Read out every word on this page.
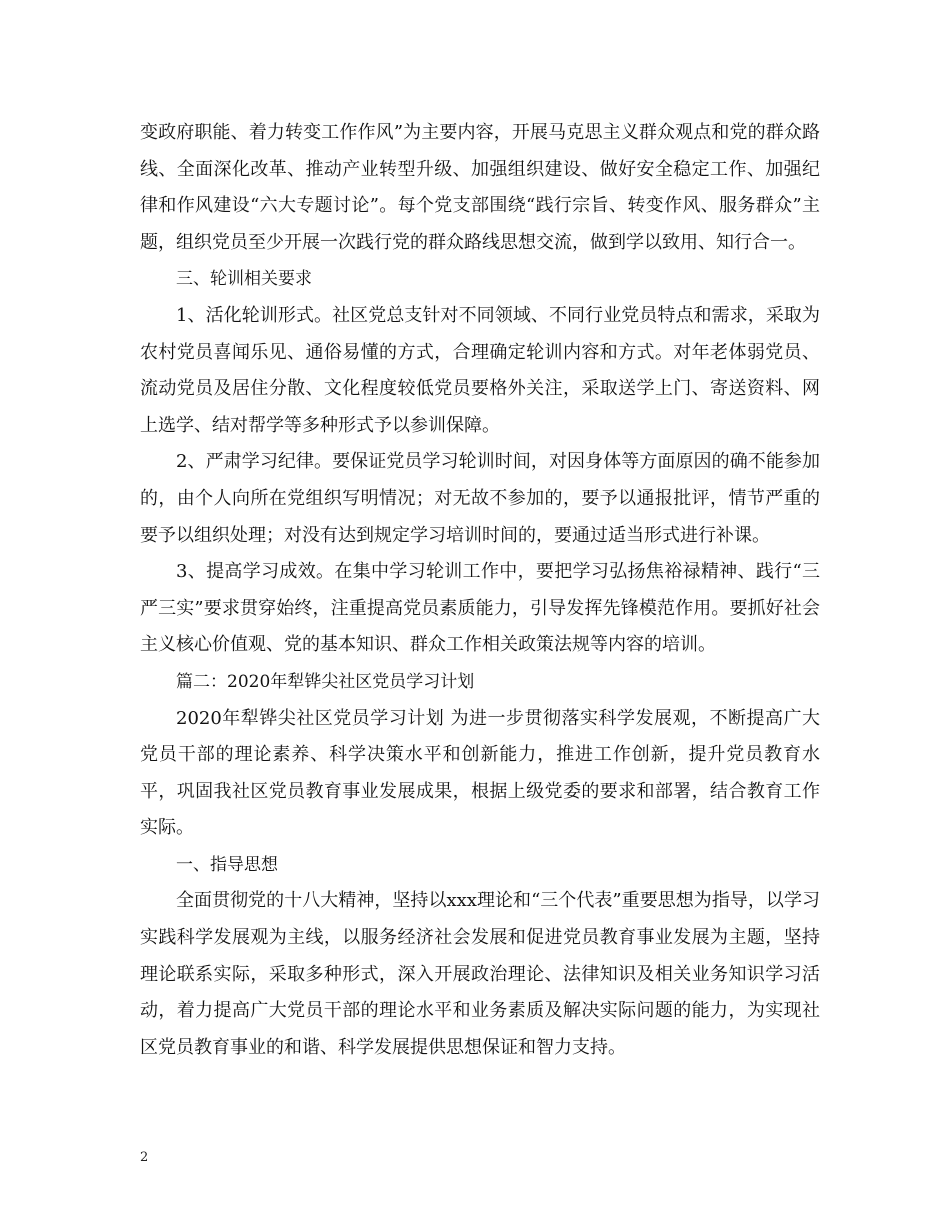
变政府职能、着力转变工作作风”为主要内容，开展马克思主义群众观点和党的群众路线、全面深化改革、推动产业转型升级、加强组织建设、做好安全稳定工作、加强纪律和作风建设“六大专题讨论”。每个党支部围绕“践行宗旨、转变作风、服务群众”主题，组织党员至少开展一次践行党的群众路线思想交流，做到学以致用、知行合一。

三、轮训相关要求

1、活化轮训形式。社区党总支针对不同领域、不同行业党员特点和需求，采取为农村党员喜闻乐见、通俗易懂的方式，合理确定轮训内容和方式。对年老体弱党员、流动党员及居住分散、文化程度较低党员要格外关注，采取送学上门、寄送资料、网上选学、结对帮学等多种形式予以参训保障。

2、严肃学习纪律。要保证党员学习轮训时间，对因身体等方面原因的确不能参加的，由个人向所在党组织写明情况；对无故不参加的，要予以通报批评，情节严重的要予以组织处理；对没有达到规定学习培训时间的，要通过适当形式进行补课。

3、提高学习成效。在集中学习轮训工作中，要把学习弘扬焦裕禄精神、践行“三严三实”要求贯穿始终，注重提高党员素质能力，引导发挥先锋模范作用。要抓好社会主义核心价值观、党的基本知识、群众工作相关政策法规等内容的培训。

篇二：2020年犁铧尖社区党员学习计划

2020年犁铧尖社区党员学习计划 为进一步贯彻落实科学发展观，不断提高广大党员干部的理论素养、科学决策水平和创新能力，推进工作创新，提升党员教育水平，巩固我社区党员教育事业发展成果，根据上级党委的要求和部署，结合教育工作实际。

一、指导思想

全面贯彻党的十八大精神，坚持以xxx理论和“三个代表”重要思想为指导，以学习实践科学发展观为主线，以服务经济社会发展和促进党员教育事业发展为主题，坚持理论联系实际，采取多种形式，深入开展政治理论、法律知识及相关业务知识学习活动，着力提高广大党员干部的理论水平和业务素质及解决实际问题的能力，为实现社区党员教育事业的和谐、科学发展提供思想保证和智力支持。

2
